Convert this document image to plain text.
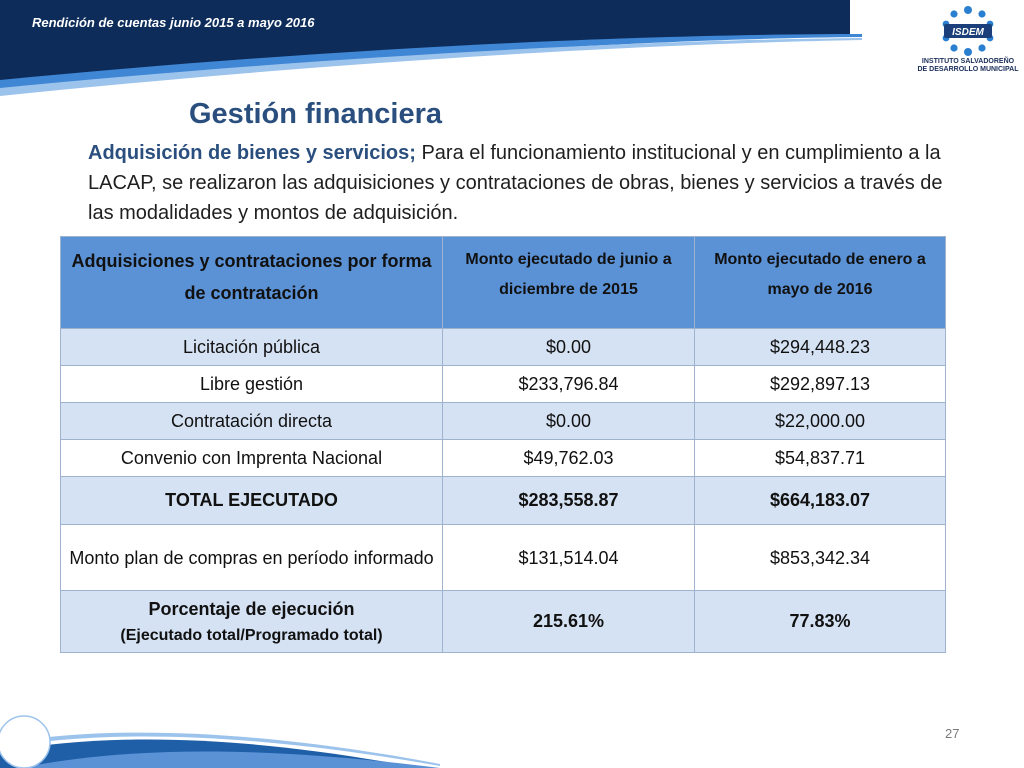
Rendición de cuentas junio 2015 a mayo 2016
ISDEM
INSTITUTO SALVADOREÑO
DE DESARROLLO MUNICIPAL
Gestión financiera
Adquisición de bienes y servicios; Para el funcionamiento institucional y en cumplimiento a la LACAP, se realizaron las adquisiciones y contrataciones de obras, bienes y servicios a través de las modalidades y montos de adquisición.
Adquisiciones y contrataciones por forma de contratación	Monto ejecutado de junio a diciembre de 2015	Monto ejecutado de enero a mayo de 2016
Licitación pública	$0.00	$294,448.23
Libre gestión	$233,796.84	$292,897.13
Contratación directa	$0.00	$22,000.00
Convenio con Imprenta Nacional	$49,762.03	$54,837.71
TOTAL EJECUTADO	$283,558.87	$664,183.07
Monto plan de compras en período informado	$131,514.04	$853,342.34

Porcentaje de ejecución
(Ejecutado total/Programado total)	215.61%	77.83%
27
